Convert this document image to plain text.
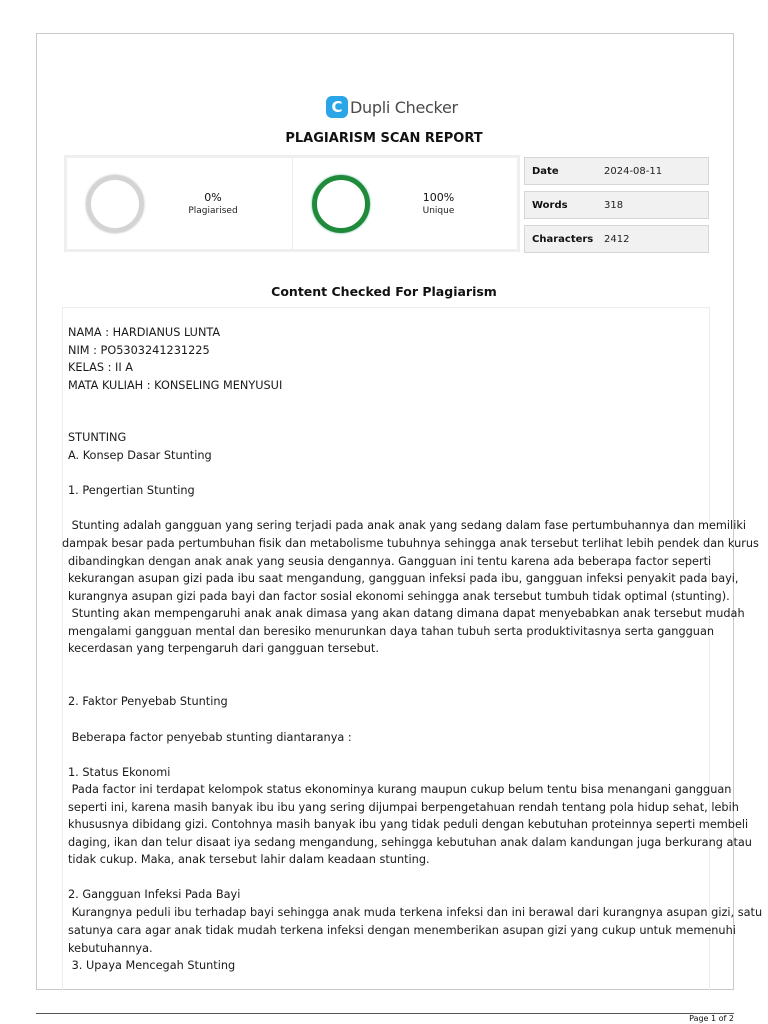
C Dupli Checker
PLAGIARISM SCAN REPORT
0%
Plagiarised
100%
Unique
Date	2024-08-11
Words	318
Characters	2412
Content Checked For Plagiarism
NAMA : HARDIANUS LUNTA
NIM : PO5303241231225
KELAS : II A
MATA KULIAH : KONSELING MENYUSUI
STUNTING
A. Konsep Dasar Stunting
1. Pengertian Stunting
Stunting adalah gangguan yang sering terjadi pada anak anak yang sedang dalam fase pertumbuhannya dan memiliki
dampak besar pada pertumbuhan fisik dan metabolisme tubuhnya sehingga anak tersebut terlihat lebih pendek dan kurus
dibandingkan dengan anak anak yang seusia dengannya. Gangguan ini tentu karena ada beberapa factor seperti
kekurangan asupan gizi pada ibu saat mengandung, gangguan infeksi pada ibu, gangguan infeksi penyakit pada bayi,
kurangnya asupan gizi pada bayi dan factor sosial ekonomi sehingga anak tersebut tumbuh tidak optimal (stunting).
Stunting akan mempengaruhi anak anak dimasa yang akan datang dimana dapat menyebabkan anak tersebut mudah
mengalami gangguan mental dan beresiko menurunkan daya tahan tubuh serta produktivitasnya serta gangguan
kecerdasan yang terpengaruh dari gangguan tersebut.
2. Faktor Penyebab Stunting
Beberapa factor penyebab stunting diantaranya :
1. Status Ekonomi
Pada factor ini terdapat kelompok status ekonominya kurang maupun cukup belum tentu bisa menangani gangguan
seperti ini, karena masih banyak ibu ibu yang sering dijumpai berpengetahuan rendah tentang pola hidup sehat, lebih
khususnya dibidang gizi. Contohnya masih banyak ibu yang tidak peduli dengan kebutuhan proteinnya seperti membeli
daging, ikan dan telur disaat iya sedang mengandung, sehingga kebutuhan anak dalam kandungan juga berkurang atau
tidak cukup. Maka, anak tersebut lahir dalam keadaan stunting.
2. Gangguan Infeksi Pada Bayi
Kurangnya peduli ibu terhadap bayi sehingga anak muda terkena infeksi dan ini berawal dari kurangnya asupan gizi, satu
satunya cara agar anak tidak mudah terkena infeksi dengan menemberikan asupan gizi yang cukup untuk memenuhi
kebutuhannya.
3. Upaya Mencegah Stunting
Page 1 of 2
